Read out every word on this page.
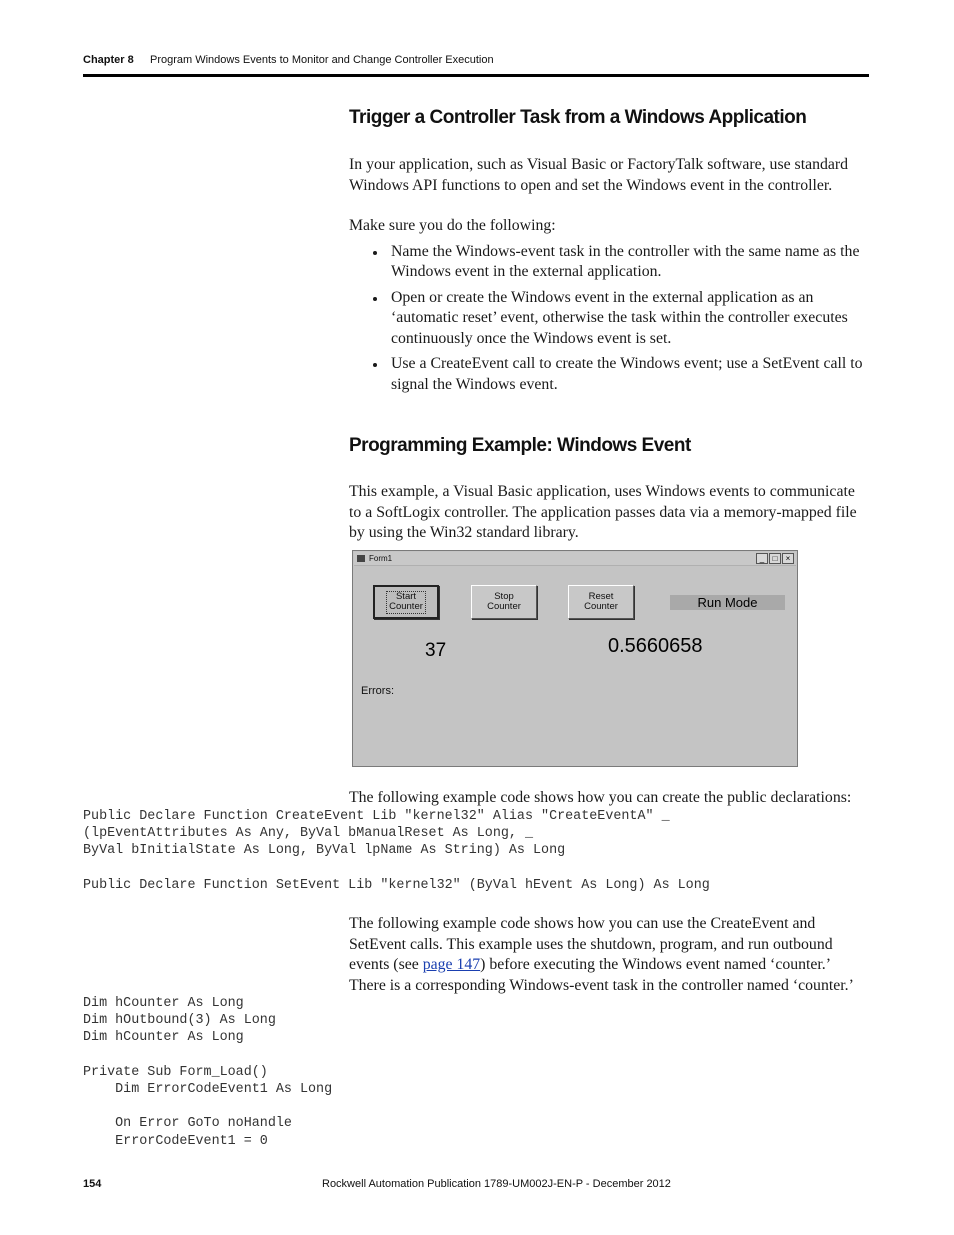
Chapter 8 Program Windows Events to Monitor and Change Controller Execution
Trigger a Controller Task from a Windows Application

In your application, such as Visual Basic or FactoryTalk software, use standard Windows API functions to open and set the Windows event in the controller.

Make sure you do the following:

Name the Windows-event task in the controller with the same name as the Windows event in the external application.
Open or create the Windows event in the external application as an ‘automatic reset’ event, otherwise the task within the controller executes continuously once the Windows event is set.
Use a CreateEvent call to create the Windows event; use a SetEvent call to signal the Windows event.
Programming Example: Windows Event

This example, a Visual Basic application, uses Windows events to communicate to a SoftLogix controller. The application passes data via a memory-mapped file by using the Win32 standard library.

Form1	_	□	×
Start
Counter
Stop
Counter
Reset
Counter	Run Mode
37	0.5660658
Errors:

The following example code shows how you can create the public declarations:

Public Declare Function CreateEvent Lib "kernel32" Alias "CreateEventA" _
(lpEventAttributes As Any, ByVal bManualReset As Long, _
ByVal bInitialState As Long, ByVal lpName As String) As Long

Public Declare Function SetEvent Lib "kernel32" (ByVal hEvent As Long) As Long

The following example code shows how you can use the CreateEvent and SetEvent calls. This example uses the shutdown, program, and run outbound events (see page 147) before executing the Windows event named ‘counter.’ There is a corresponding Windows-event task in the controller named ‘counter.’

Dim hCounter As Long
Dim hOutbound(3) As Long
Dim hCounter As Long

Private Sub Form_Load()
Dim ErrorCodeEvent1 As Long

On Error GoTo noHandle
ErrorCodeEvent1 = 0
154	Rockwell Automation Publication 1789-UM002J-EN-P - December 2012
